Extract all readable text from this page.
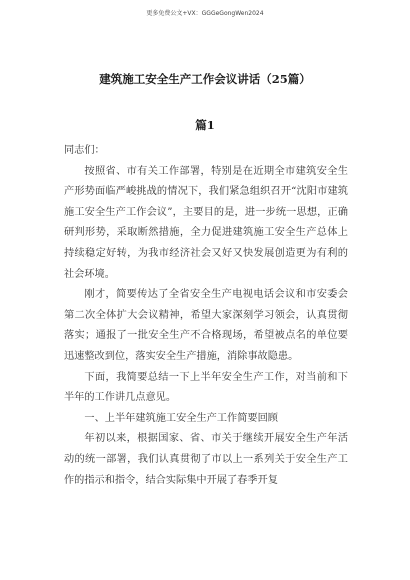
更多免费公文+VX：GGGeGongWen2024
建筑施工安全生产工作会议讲话（25篇）
篇1

同志们：

按照省、市有关工作部署，特别是在近期全市建筑安全生产形势面临严峻挑战的情况下，我们紧急组织召开“沈阳市建筑施工安全生产工作会议”，主要目的是，进一步统一思想，正确研判形势，采取断然措施，全力促进建筑施工安全生产总体上持续稳定好转，为我市经济社会又好又快发展创造更为有利的社会环境。

刚才，简要传达了全省安全生产电视电话会议和市安委会第二次全体扩大会议精神，希望大家深刻学习领会，认真贯彻落实；通报了一批安全生产不合格现场，希望被点名的单位要迅速整改到位，落实安全生产措施，消除事故隐患。

下面，我简要总结一下上半年安全生产工作，对当前和下半年的工作讲几点意见。

一、上半年建筑施工安全生产工作简要回顾

年初以来，根据国家、省、市关于继续开展安全生产年活动的统一部署，我们认真贯彻了市以上一系列关于安全生产工作的指示和指令，结合实际集中开展了春季开复
